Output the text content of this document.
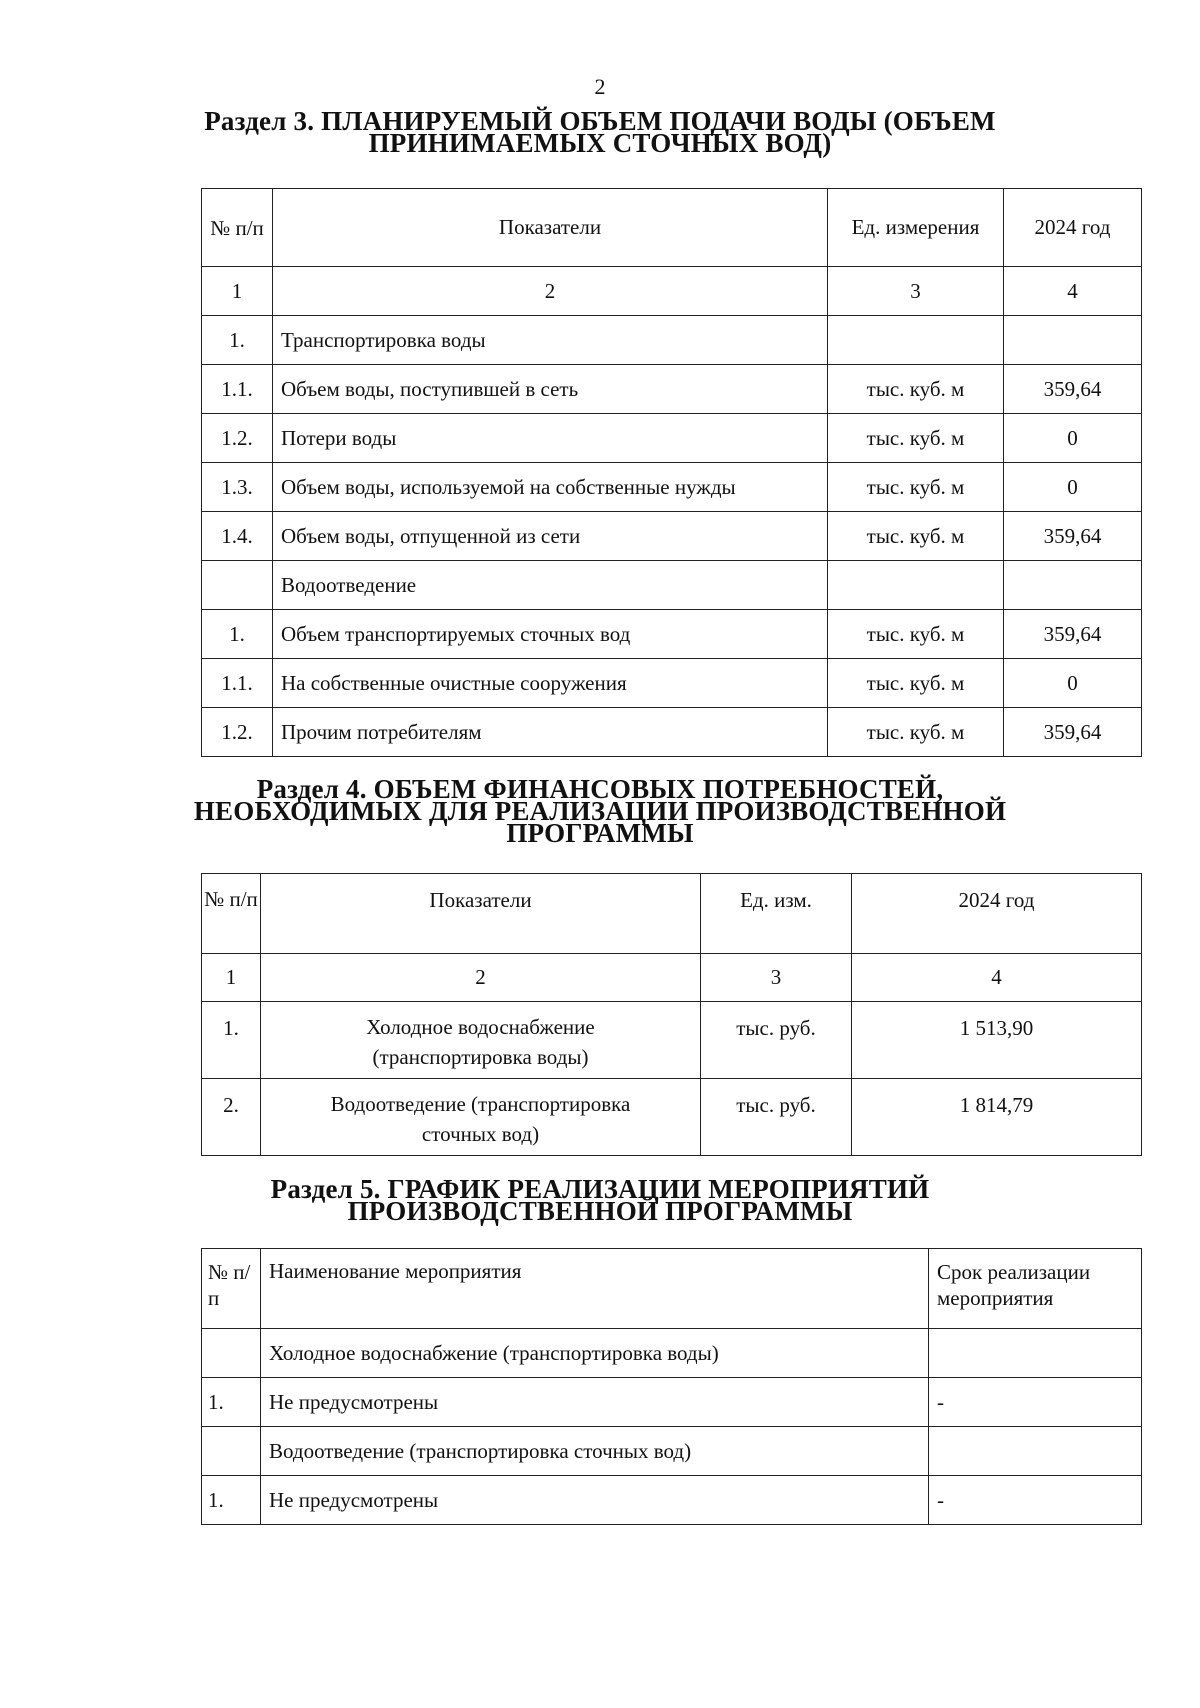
2
Раздел 3. ПЛАНИРУЕМЫЙ ОБЪЕМ ПОДАЧИ ВОДЫ (ОБЪЕМ
ПРИНИМАЕМЫХ СТОЧНЫХ ВОД)
№ п/п	Показатели	Ед. измерения	2024 год
1	2	3	4
1.	Транспортировка воды		
1.1.	Объем воды, поступившей в сеть	тыс. куб. м	359,64
1.2.	Потери воды	тыс. куб. м	0
1.3.	Объем воды, используемой на собственные нужды	тыс. куб. м	0
1.4.	Объем воды, отпущенной из сети	тыс. куб. м	359,64
	Водоотведение		
1.	Объем транспортируемых сточных вод	тыс. куб. м	359,64
1.1.	На собственные очистные сооружения	тыс. куб. м	0
1.2.	Прочим потребителям	тыс. куб. м	359,64
Раздел 4. ОБЪЕМ ФИНАНСОВЫХ ПОТРЕБНОСТЕЙ,
НЕОБХОДИМЫХ ДЛЯ РЕАЛИЗАЦИИ ПРОИЗВОДСТВЕННОЙ
ПРОГРАММЫ
№ п/п	Показатели	Ед. изм.	2024 год
1	2	3	4
1.	Холодное водоснабжение (транспортировка воды)	тыс. руб.	1 513,90
2.	Водоотведение (транспортировка сточных вод)	тыс. руб.	1 814,79
Раздел 5. ГРАФИК РЕАЛИЗАЦИИ МЕРОПРИЯТИЙ
ПРОИЗВОДСТВЕННОЙ ПРОГРАММЫ
№ п/п	Наименование мероприятия	Срок реализации мероприятия
	Холодное водоснабжение (транспортировка воды)	
1.	Не предусмотрены	-
	Водоотведение (транспортировка сточных вод)	
1.	Не предусмотрены	-
